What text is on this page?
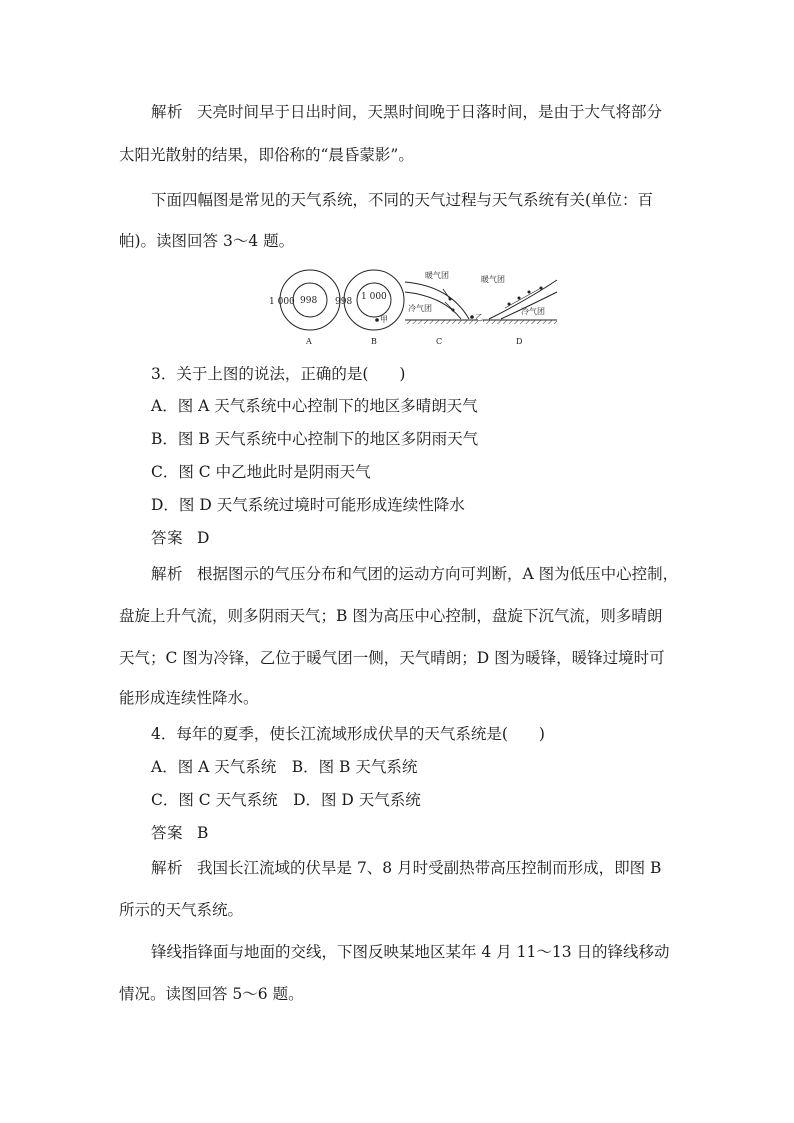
解析 天亮时间早于日出时间，天黑时间晚于日落时间，是由于大气将部分
太阳光散射的结果，即俗称的“晨昏蒙影”。
下面四幅图是常见的天气系统，不同的天气过程与天气系统有关(单位：百
帕)。读图回答 3～4 题。
1 000 998
A
998 1 000
甲
B
暖气团
冷气团
乙
C
暖气团
冷气团
D
3．关于上图的说法，正确的是(　　)
A．图 A 天气系统中心控制下的地区多晴朗天气
B．图 B 天气系统中心控制下的地区多阴雨天气
C．图 C 中乙地此时是阴雨天气
D．图 D 天气系统过境时可能形成连续性降水
答案 D
解析 根据图示的气压分布和气团的运动方向可判断，A 图为低压中心控制，
盘旋上升气流，则多阴雨天气；B 图为高压中心控制，盘旋下沉气流，则多晴朗
天气；C 图为冷锋，乙位于暖气团一侧，天气晴朗；D 图为暖锋，暖锋过境时可
能形成连续性降水。
4．每年的夏季，使长江流域形成伏旱的天气系统是(　　)
A．图 A 天气系统　B．图 B 天气系统
C．图 C 天气系统　D．图 D 天气系统
答案 B
解析 我国长江流域的伏旱是 7、8 月时受副热带高压控制而形成，即图 B
所示的天气系统。
锋线指锋面与地面的交线，下图反映某地区某年 4 月 11～13 日的锋线移动
情况。读图回答 5～6 题。
